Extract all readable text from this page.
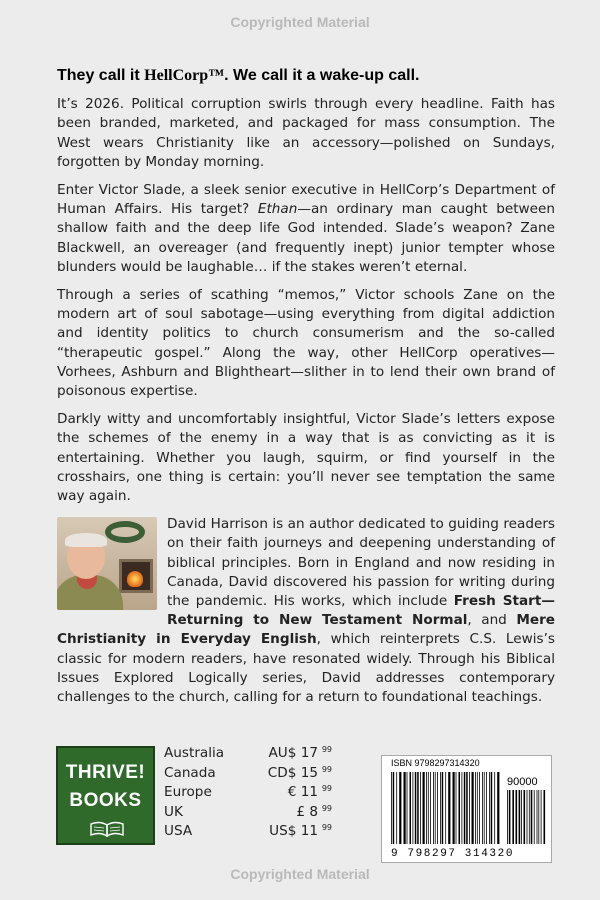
Copyrighted Material

They call it HellCorp™. We call it a wake-up call.

It’s 2026. Political corruption swirls through every headline. Faith has been branded, marketed, and packaged for mass consumption. The West wears Christianity like an accessory—polished on Sundays, forgotten by Monday morning.

Enter Victor Slade, a sleek senior executive in HellCorp’s Department of Human Affairs. His target? Ethan—an ordinary man caught between shallow faith and the deep life God intended. Slade’s weapon? Zane Blackwell, an overeager (and frequently inept) junior tempter whose blunders would be laughable… if the stakes weren’t eternal.

Through a series of scathing “memos,” Victor schools Zane on the modern art of soul sabotage—using everything from digital addiction and identity politics to church consumerism and the so-called “therapeutic gospel.” Along the way, other HellCorp operatives—Vorhees, Ashburn and Blightheart—slither in to lend their own brand of poisonous expertise.

Darkly witty and uncomfortably insightful, Victor Slade’s letters expose the schemes of the enemy in a way that is as convicting as it is entertaining. Whether you laugh, squirm, or find yourself in the crosshairs, one thing is certain: you’ll never see temptation the same way again.

David Harrison is an author dedicated to guiding readers on their faith journeys and deepening understanding of biblical principles. Born in England and now residing in Canada, David discovered his passion for writing during the pandemic. His works, which include Fresh Start—Returning to New Testament Normal, and Mere Christianity in Everyday English, which reinterprets C.S. Lewis’s classic for modern readers, have resonated widely. Through his Biblical Issues Explored Logically series, David addresses contemporary challenges to the church, calling for a return to foundational teachings.

THRIVE!
BOOKS
Australia	AU$ 17 99
Canada	CD$ 15 99
Europe	€ 11 99
UK	£ 8 99
USA	US$ 11 99
ISBN 9798297314320
90000
9 798297 314320
Copyrighted Material
